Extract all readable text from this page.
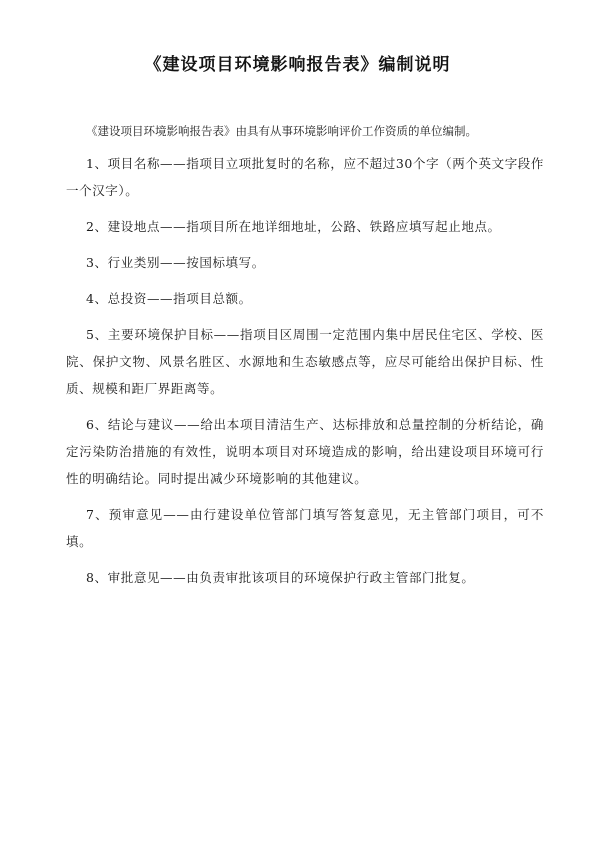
《建设项目环境影响报告表》编制说明
《建设项目环境影响报告表》由具有从事环境影响评价工作资质的单位编制。

1、项目名称——指项目立项批复时的名称，应不超过30个字（两个英文字段作一个汉字）。

2、建设地点——指项目所在地详细地址，公路、铁路应填写起止地点。

3、行业类别——按国标填写。

4、总投资——指项目总额。

5、主要环境保护目标——指项目区周围一定范围内集中居民住宅区、学校、医院、保护文物、风景名胜区、水源地和生态敏感点等，应尽可能给出保护目标、性质、规模和距厂界距离等。

6、结论与建议——给出本项目清洁生产、达标排放和总量控制的分析结论，确定污染防治措施的有效性，说明本项目对环境造成的影响，给出建设项目环境可行性的明确结论。同时提出减少环境影响的其他建议。

7、预审意见——由行建设单位管部门填写答复意见，无主管部门项目，可不填。

8、审批意见——由负责审批该项目的环境保护行政主管部门批复。
